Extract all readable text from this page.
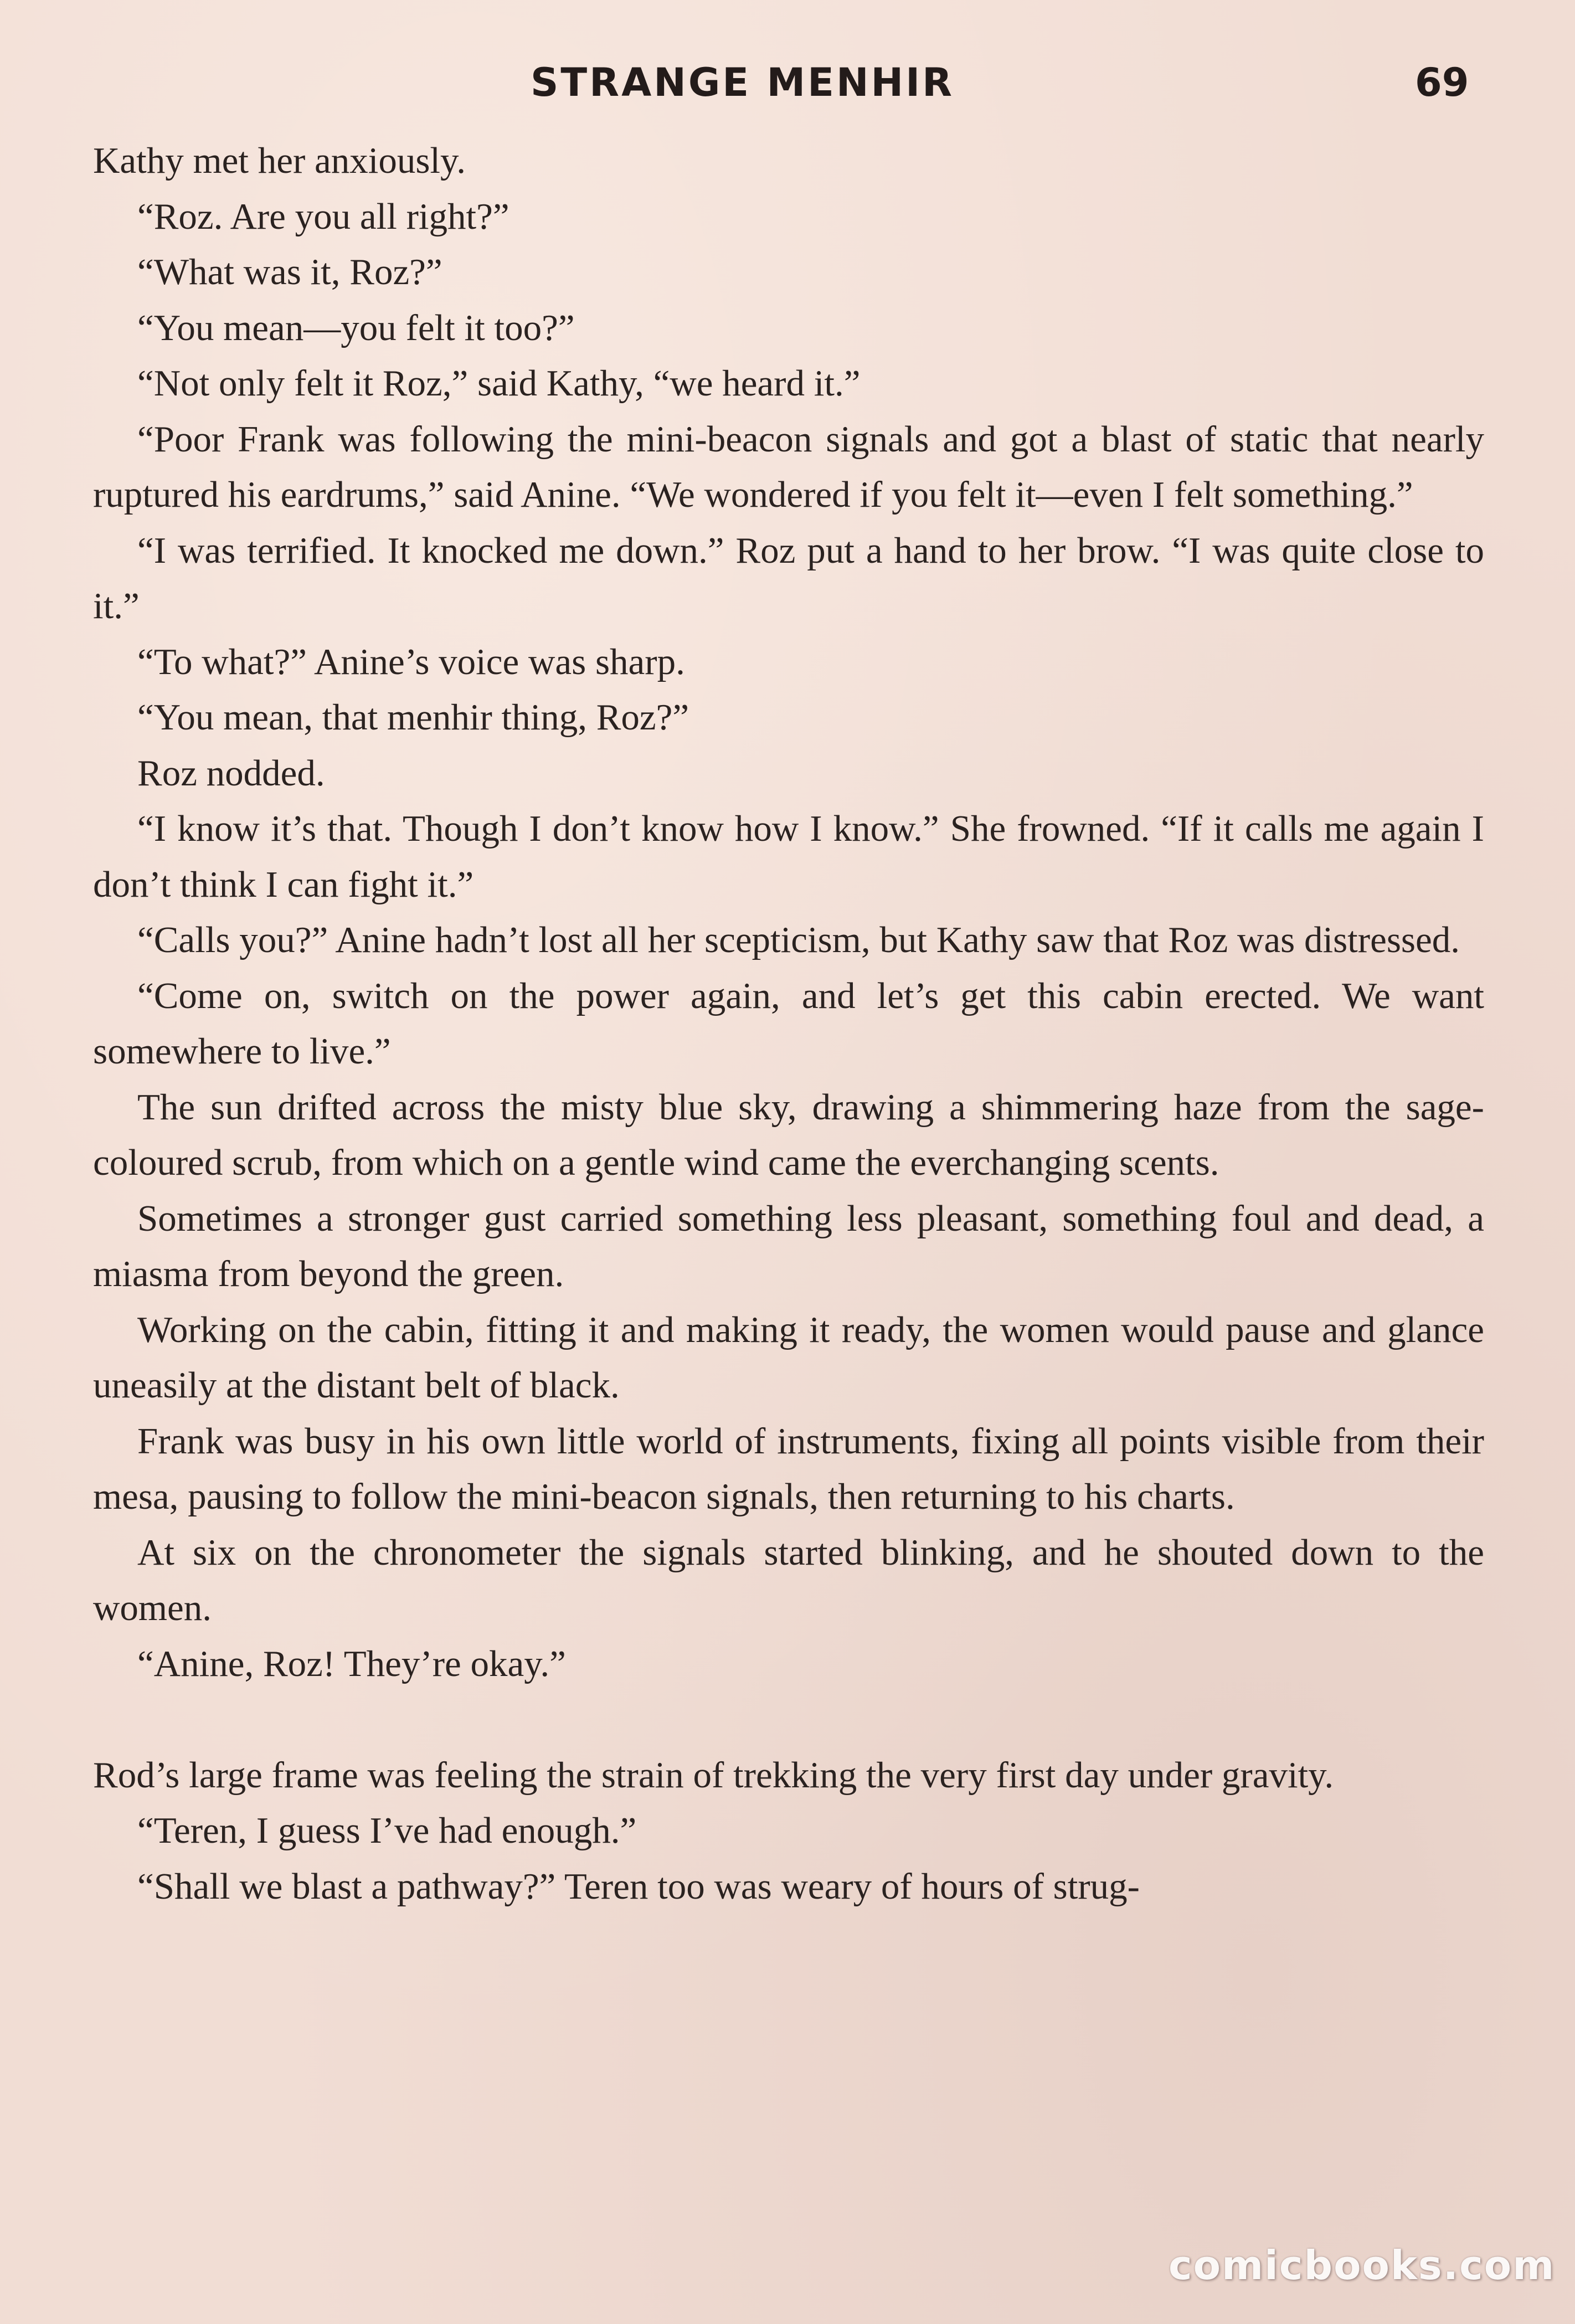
STRANGE MENHIR	69

Kathy met her anxiously.

“Roz. Are you all right?”

“What was it, Roz?”

“You mean—you felt it too?”

“Not only felt it Roz,” said Kathy, “we heard it.”

“Poor Frank was following the mini-beacon signals and got a blast of static that nearly ruptured his eardrums,” said Anine. “We wondered if you felt it—even I felt something.”

“I was terrified. It knocked me down.” Roz put a hand to her brow. “I was quite close to it.”

“To what?” Anine’s voice was sharp.

“You mean, that menhir thing, Roz?”

Roz nodded.

“I know it’s that. Though I don’t know how I know.” She frowned. “If it calls me again I don’t think I can fight it.”

“Calls you?” Anine hadn’t lost all her scepticism, but Kathy saw that Roz was distressed.

“Come on, switch on the power again, and let’s get this cabin erected. We want somewhere to live.”

The sun drifted across the misty blue sky, drawing a shimmering haze from the sage-coloured scrub, from which on a gentle wind came the everchanging scents.

Sometimes a stronger gust carried something less pleasant, something foul and dead, a miasma from beyond the green.

Working on the cabin, fitting it and making it ready, the women would pause and glance uneasily at the distant belt of black.

Frank was busy in his own little world of instruments, fixing all points visible from their mesa, pausing to follow the mini-beacon signals, then returning to his charts.

At six on the chronometer the signals started blinking, and he shouted down to the women.

“Anine, Roz! They’re okay.”

Rod’s large frame was feeling the strain of trekking the very first day under gravity.

“Teren, I guess I’ve had enough.”

“Shall we blast a pathway?” Teren too was weary of hours of strug-

comicbooks.com
